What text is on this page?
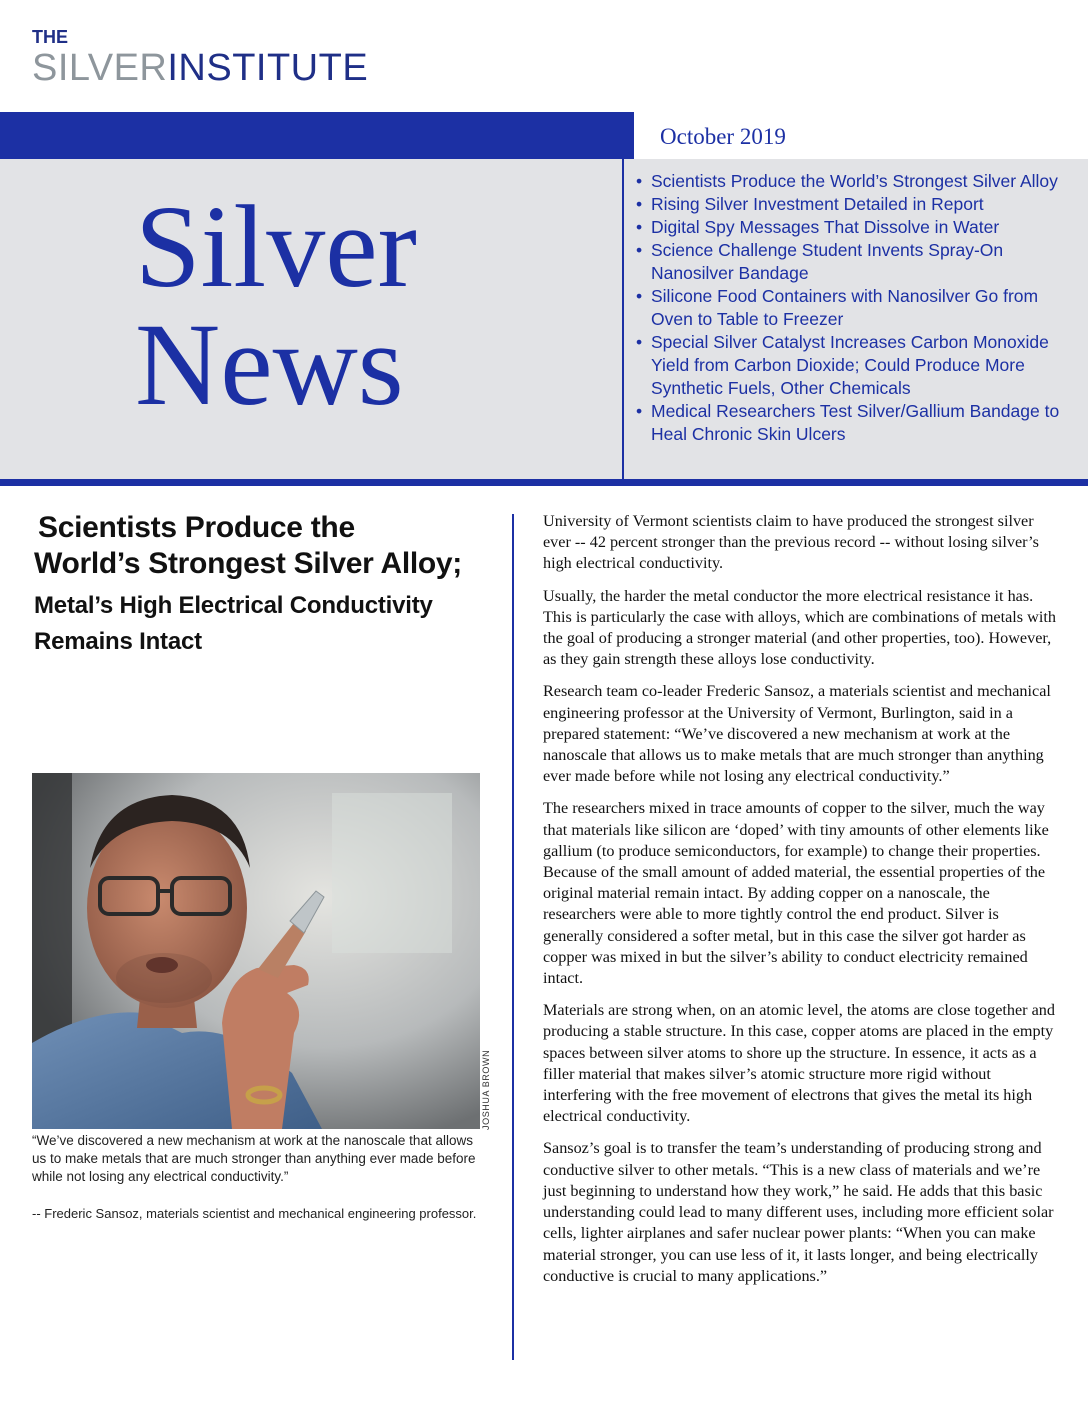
THE
SILVERINSTITUTE
October 2019
Silver
News
• Scientists Produce the World’s Strongest Silver Alloy
• Rising Silver Investment Detailed in Report
• Digital Spy Messages That Dissolve in Water
• Science Challenge Student Invents Spray-On Nanosilver Bandage
• Silicone Food Containers with Nanosilver Go from Oven to Table to Freezer
• Special Silver Catalyst Increases Carbon Monoxide Yield from Carbon Dioxide; Could Produce More Synthetic Fuels, Other Chemicals
• Medical Researchers Test Silver/Gallium Bandage to Heal Chronic Skin Ulcers
Scientists Produce the
World’s Strongest Silver Alloy;
Metal’s High Electrical Conductivity
Remains Intact
JOSHUA BROWN
“We’ve discovered a new mechanism at work at the nanoscale that allows us to make metals that are much stronger than anything ever made before while not losing any electrical conductivity.”
-- Frederic Sansoz, materials scientist and mechanical engineering professor.

University of Vermont scientists claim to have produced the strongest silver ever -- 42 percent stronger than the previous record -- without losing silver’s high electrical conductivity.

Usually, the harder the metal conductor the more electrical resistance it has. This is particularly the case with alloys, which are combinations of metals with the goal of producing a stronger material (and other properties, too). However, as they gain strength these alloys lose conductivity.

Research team co-leader Frederic Sansoz, a materials scientist and mechanical engineering professor at the University of Vermont, Burlington, said in a prepared statement: “We’ve discovered a new mechanism at work at the nanoscale that allows us to make metals that are much stronger than anything ever made before while not losing any electrical conductivity.”

The researchers mixed in trace amounts of copper to the silver, much the way that materials like silicon are ‘doped’ with tiny amounts of other elements like gallium (to produce semiconductors, for example) to change their properties. Because of the small amount of added material, the essential properties of the original material remain intact. By adding copper on a nanoscale, the researchers were able to more tightly control the end product. Silver is generally considered a softer metal, but in this case the silver got harder as copper was mixed in but the silver’s ability to conduct electricity remained intact.

Materials are strong when, on an atomic level, the atoms are close together and producing a stable structure. In this case, copper atoms are placed in the empty spaces between silver atoms to shore up the structure. In essence, it acts as a filler material that makes silver’s atomic structure more rigid without interfering with the free movement of electrons that gives the metal its high electrical conductivity.

Sansoz’s goal is to transfer the team’s understanding of producing strong and conductive silver to other metals. “This is a new class of materials and we’re just beginning to understand how they work,” he said. He adds that this basic understanding could lead to many different uses, including more efficient solar cells, lighter airplanes and safer nuclear power plants: “When you can make material stronger, you can use less of it, it lasts longer, and being electrically conductive is crucial to many applications.”
